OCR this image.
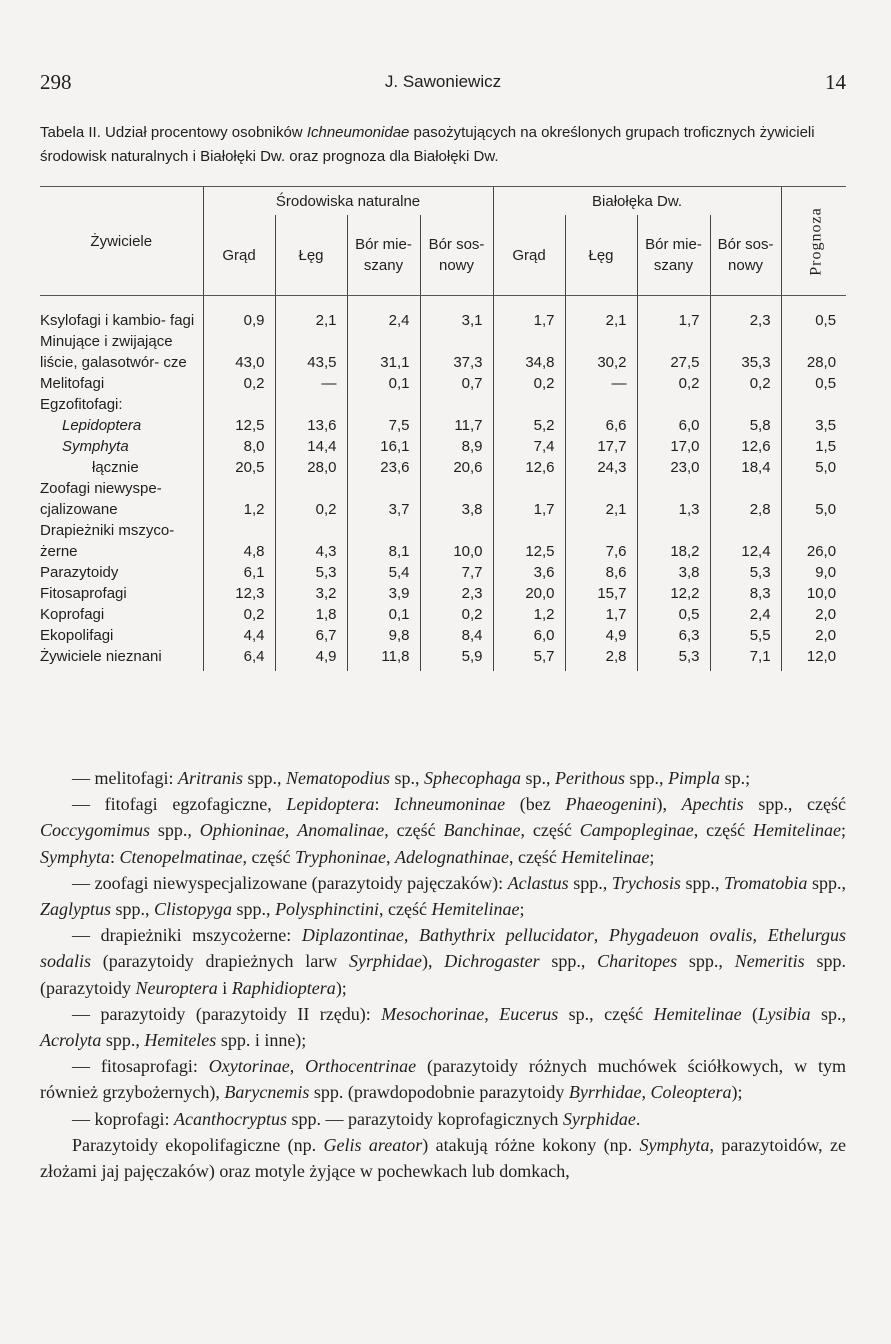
298	J. Sawoniewicz	14
Tabela II. Udział procentowy osobników Ichneumonidae pasożytujących na określonych grupach troficznych żywicieli środowisk naturalnych i Białołęki Dw. oraz prognoza dla Białołęki Dw.
Żywiciele	Środowiska naturalne				Białołęka Dw.				Prognoza
	Grąd	Łęg	Bór mie- szany	Bór sos- nowy	Grąd	Łęg	Bór mie- szany	Bór sos- nowy	
Ksylofagi i kambio- fagi	0,9	2,1	2,4	3,1	1,7	2,1	1,7	2,3	0,5
Minujące i zwijające liście, galasotwór- cze	43,0	43,5	31,1	37,3	34,8	30,2	27,5	35,3	28,0
Melitofagi	0,2	—	0,1	0,7	0,2	—	0,2	0,2	0,5
Egzofitofagi:									
Lepidoptera	12,5	13,6	7,5	11,7	5,2	6,6	6,0	5,8	3,5
Symphyta	8,0	14,4	16,1	8,9	7,4	17,7	17,0	12,6	1,5
łącznie	20,5	28,0	23,6	20,6	12,6	24,3	23,0	18,4	5,0
Zoofagi niewyspe- cjalizowane	1,2	0,2	3,7	3,8	1,7	2,1	1,3	2,8	5,0
Drapieżniki mszyco- żerne	4,8	4,3	8,1	10,0	12,5	7,6	18,2	12,4	26,0
Parazytoidy	6,1	5,3	5,4	7,7	3,6	8,6	3,8	5,3	9,0
Fitosaprofagi	12,3	3,2	3,9	2,3	20,0	15,7	12,2	8,3	10,0
Koprofagi	0,2	1,8	0,1	0,2	1,2	1,7	0,5	2,4	2,0
Ekopolifagi	4,4	6,7	9,8	8,4	6,0	4,9	6,3	5,5	2,0
Żywiciele nieznani	6,4	4,9	11,8	5,9	5,7	2,8	5,3	7,1	12,0

— melitofagi: Aritranis spp., Nematopodius sp., Sphecophaga sp., Perithous spp., Pimpla sp.;

— fitofagi egzofagiczne, Lepidoptera: Ichneumoninae (bez Phaeogenini), Apechtis spp., część Coccygomimus spp., Ophioninae, Anomalinae, część Banchinae, część Campopleginae, część Hemitelinae; Symphyta: Ctenopelmatinae, część Tryphoninae, Adelognathinae, część Hemitelinae;

— zoofagi niewyspecjalizowane (parazytoidy pajęczaków): Aclastus spp., Trychosis spp., Tromatobia spp., Zaglyptus spp., Clistopyga spp., Polysphinctini, część Hemitelinae;

— drapieżniki mszycożerne: Diplazontinae, Bathythrix pellucidator, Phygadeuon ovalis, Ethelurgus sodalis (parazytoidy drapieżnych larw Syrphidae), Dichrogaster spp., Charitopes spp., Nemeritis spp. (parazytoidy Neuroptera i Raphidioptera);

— parazytoidy (parazytoidy II rzędu): Mesochorinae, Eucerus sp., część Hemitelinae (Lysibia sp., Acrolyta spp., Hemiteles spp. i inne);

— fitosaprofagi: Oxytorinae, Orthocentrinae (parazytoidy różnych muchówek ściółkowych, w tym również grzybożernych), Barycnemis spp. (prawdopodobnie parazytoidy Byrrhidae, Coleoptera);

— koprofagi: Acanthocryptus spp. — parazytoidy koprofagicznych Syrphidae.

Parazytoidy ekopolifagiczne (np. Gelis areator) atakują różne kokony (np. Symphyta, parazytoidów, ze złożami jaj pajęczaków) oraz motyle żyjące w pochewkach lub domkach,
